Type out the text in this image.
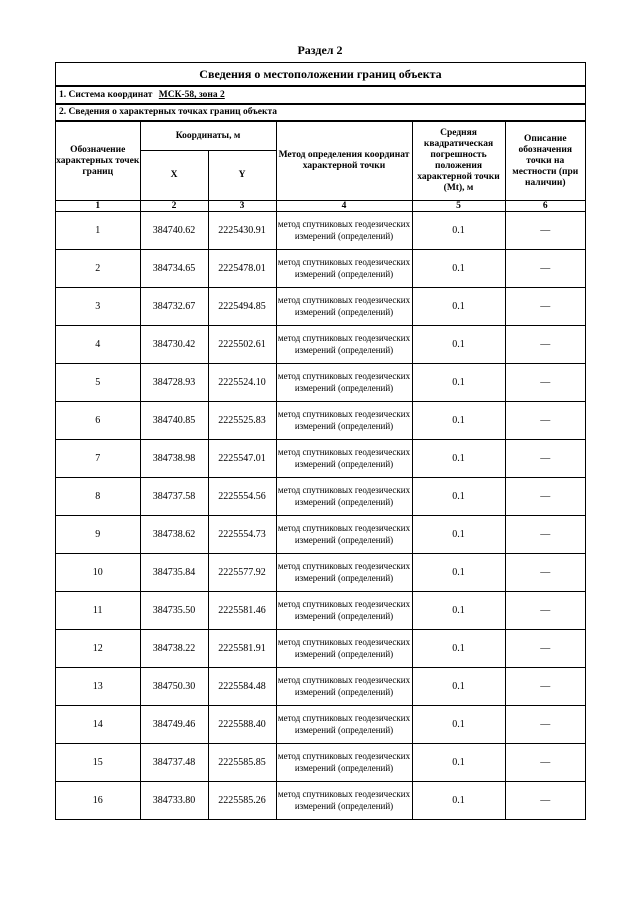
Раздел 2
Сведения о местоположении границ объекта
1. Система координат МСК-58, зона 2
2. Сведения о характерных точках границ объекта
Обозначение характерных точек границ	Координаты, м		Метод определения координат характерной точки	Средняя квадратическая погрешность положения характерной точки (Mt), м	Описание обозначения точки на местности (при наличии)
	X	Y			
1	2	3	4	5	6
1	384740.62	2225430.91	метод спутниковых геодезических измерений (определений)	0.1	—
2	384734.65	2225478.01	метод спутниковых геодезических измерений (определений)	0.1	—
3	384732.67	2225494.85	метод спутниковых геодезических измерений (определений)	0.1	—
4	384730.42	2225502.61	метод спутниковых геодезических измерений (определений)	0.1	—
5	384728.93	2225524.10	метод спутниковых геодезических измерений (определений)	0.1	—
6	384740.85	2225525.83	метод спутниковых геодезических измерений (определений)	0.1	—
7	384738.98	2225547.01	метод спутниковых геодезических измерений (определений)	0.1	—
8	384737.58	2225554.56	метод спутниковых геодезических измерений (определений)	0.1	—
9	384738.62	2225554.73	метод спутниковых геодезических измерений (определений)	0.1	—
10	384735.84	2225577.92	метод спутниковых геодезических измерений (определений)	0.1	—
11	384735.50	2225581.46	метод спутниковых геодезических измерений (определений)	0.1	—
12	384738.22	2225581.91	метод спутниковых геодезических измерений (определений)	0.1	—
13	384750.30	2225584.48	метод спутниковых геодезических измерений (определений)	0.1	—
14	384749.46	2225588.40	метод спутниковых геодезических измерений (определений)	0.1	—
15	384737.48	2225585.85	метод спутниковых геодезических измерений (определений)	0.1	—
16	384733.80	2225585.26	метод спутниковых геодезических измерений (определений)	0.1	—
